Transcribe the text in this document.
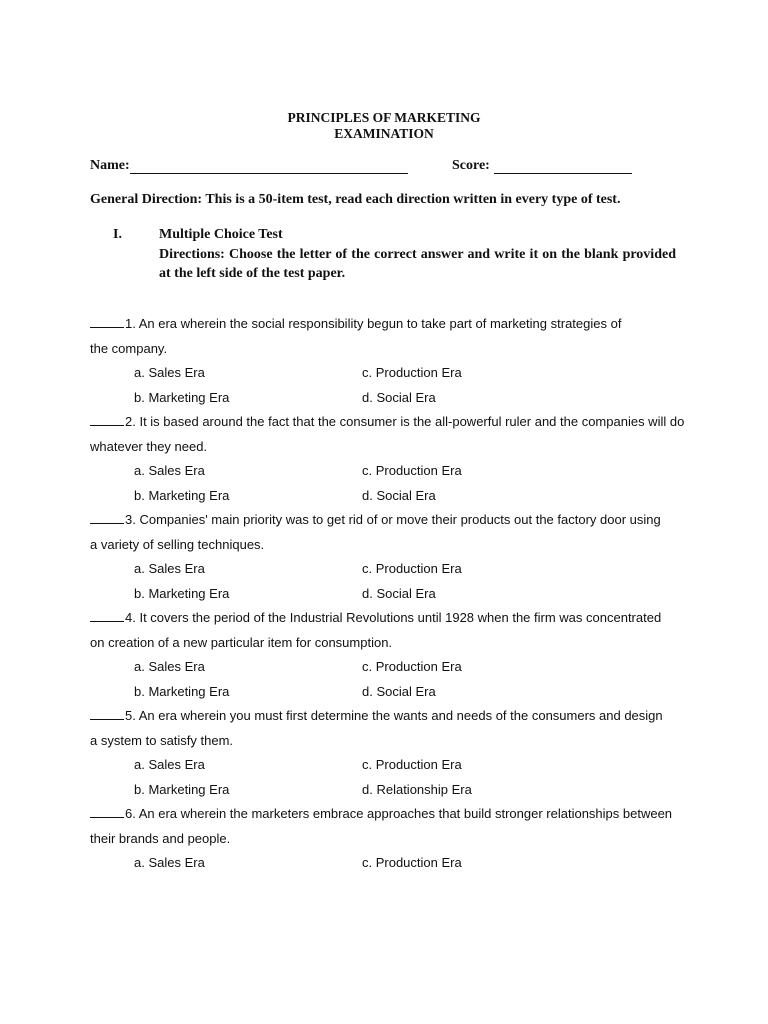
PRINCIPLES OF MARKETING
EXAMINATION
Name:	Score:
General Direction: This is a 50-item test, read each direction written in every type of test.
I.	Multiple Choice Test
Directions: Choose the letter of the correct answer and write it on the blank provided at the left side of the test paper.
1. An era wherein the social responsibility begun to take part of marketing strategies of
the company.
a. Sales Era	c. Production Era
b. Marketing Era	d. Social Era
2. It is based around the fact that the consumer is the all-powerful ruler and the companies will do
whatever they need.
a. Sales Era	c. Production Era
b. Marketing Era	d. Social Era
3. Companies' main priority was to get rid of or move their products out the factory door using
a variety of selling techniques.
a. Sales Era	c. Production Era
b. Marketing Era	d. Social Era
4. It covers the period of the Industrial Revolutions until 1928 when the firm was concentrated
on creation of a new particular item for consumption.
a. Sales Era	c. Production Era
b. Marketing Era	d. Social Era
5. An era wherein you must first determine the wants and needs of the consumers and design
a system to satisfy them.
a. Sales Era	c. Production Era
b. Marketing Era	d. Relationship Era
6. An era wherein the marketers embrace approaches that build stronger relationships between
their brands and people.
a. Sales Era	c. Production Era
